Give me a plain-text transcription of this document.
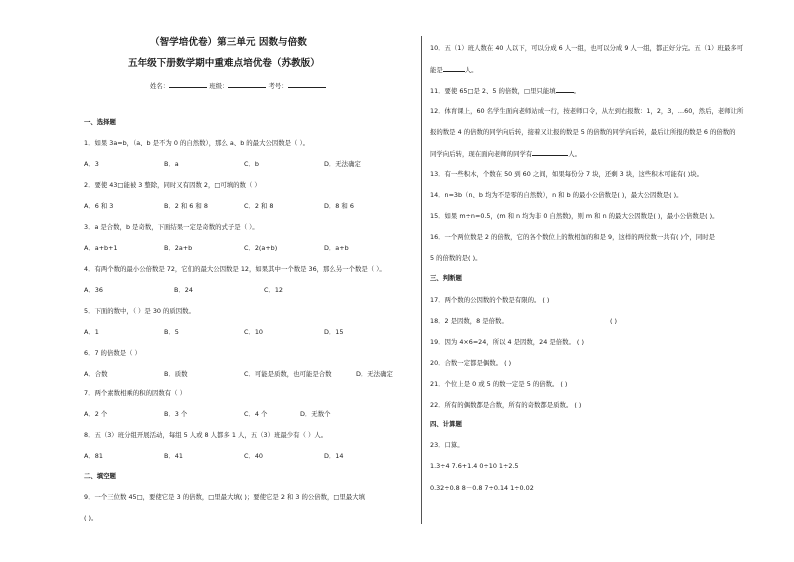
（智学培优卷）第三单元 因数与倍数
五年级下册数学期中重难点培优卷（苏教版）
姓名：	班级：	考号：
一、选择题
1．如果 3a=b，（a、b 是不为 0 的自然数），那么 a、b 的最大公因数是（ ）。
A．3	B．a	C．b	D．无法确定
2．要使 43□能被 3 整除，同时又有因数 2，□可填的数（ ）
A．6 和 3	B．2 和 6 和 8	C．2 和 8	D．8 和 6
3．a 是合数，b 是奇数，下面结果一定是奇数的式子是（ ）。
A．a+b+1	B．2a+b	C．2(a+b)	D．a+b
4．有两个数的最小公倍数是 72，它们的最大公因数是 12，如果其中一个数是 36，那么另一个数是（ ）。
A．36	B．24	C．12
5．下面的数中，（ ）是 30 的质因数。
A．1	B．5	C．10	D．15
6．7 的倍数是（ ）
A．合数	B．质数	C．可能是质数，也可能是合数	D．无法确定
7．两个素数相乘的积的因数有（ ）
A．2 个	B．3 个	C．4 个	D．无数个
8．五（3）班分组开展活动，每组 5 人或 8 人都多 1 人，五（3）班最少有（ ）人。
A．81	B．41	C．40	D．14
二、填空题
9．一个三位数 45□，要使它是 3 的倍数，□里最大填( )；要使它是 2 和 3 的公倍数，□里最大填
( )。
10．五（1）班人数在 40 人以下，可以分成 6 人一组，也可以分成 9 人一组，都正好分完。五（1）班最多可
能是	人。
11．要使 65□是 2、5 的倍数，□里只能填	。
12．体育课上，60 名学生面向老师站成一行，按老师口令，从左到右报数：1，2，3，…60，然后，老师让所
报的数是 4 的倍数的同学向后转，接着又让报的数是 5 的倍数的同学向后转，最后让所报的数是 6 的倍数的
同学向后转，现在面向老师的同学有	人。
13．有一些积木，个数在 50 到 60 之间，如果每份分 7 块，还剩 3 块，这些积木可能有( )块。
14．n=3b（n、b 均为不是零的自然数），n 和 b 的最小公倍数是( )，最大公因数是( )。
15．如果 m÷n=0.5，(m 和 n 均为非 0 自然数)，则 m 和 n 的最大公因数是( )，最小公倍数是( )。
16．一个两位数是 2 的倍数，它的各个数位上的数相加的和是 9，这样的两位数一共有( )个，同时是
5 的倍数的是( )。
三、判断题
17．两个数的公因数的个数是有限的。 ( )
18．2 是因数，8 是倍数。	( )
19．因为 4×6=24，所以 4 是因数，24 是倍数。 ( )
20．合数一定都是偶数。 ( )
21．个位上是 0 或 5 的数一定是 5 的倍数。 ( )
22．所有的偶数都是合数，所有的奇数都是质数。 ( )
四、计算题
23．口算。
1.3÷4 7.6+1.4 0÷10 1÷2.5
0.32÷0.8 8－0.8 7÷0.14 1÷0.02
